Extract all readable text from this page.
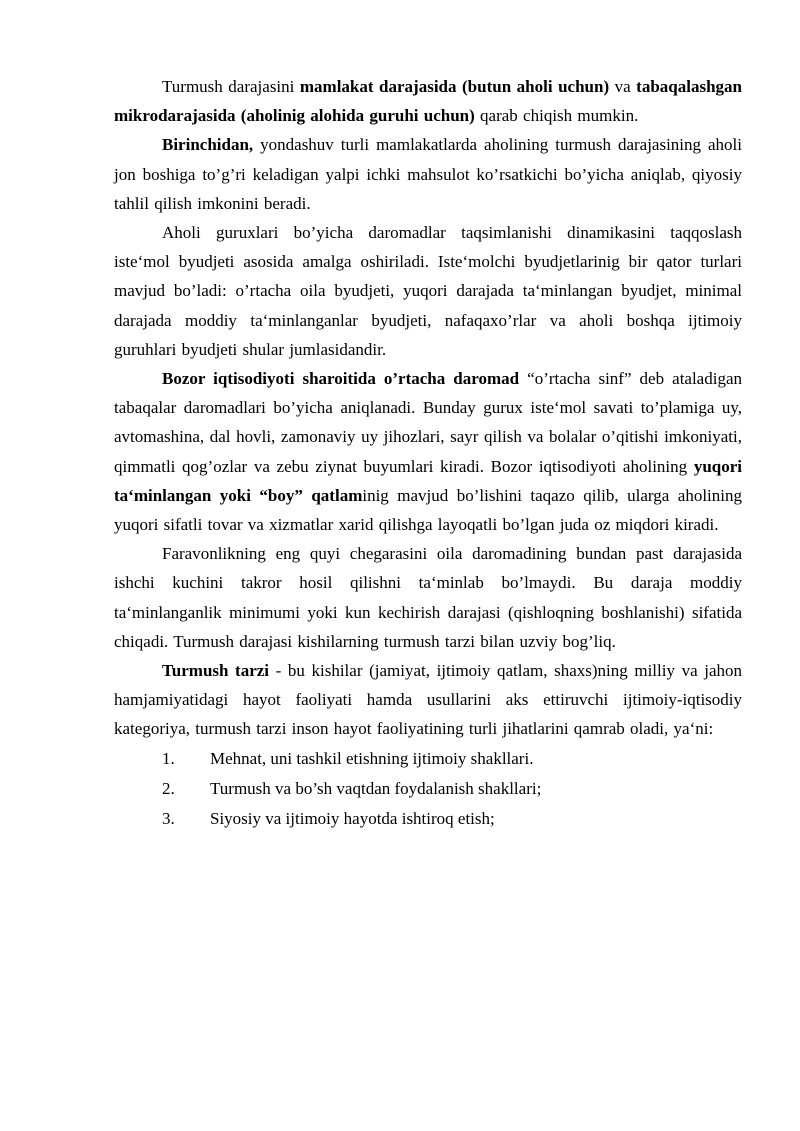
Turmush darajasini mamlakat darajasida (butun aholi uchun) va tabaqalashgan mikrodarajasida (aholinig alohida guruhi uchun) qarab chiqish mumkin.

Birinchidan, yondashuv turli mamlakatlarda aholining turmush darajasining aholi jon boshiga to’g’ri keladigan yalpi ichki mahsulot ko’rsatkichi bo’yicha aniqlab, qiyosiy tahlil qilish imkonini beradi.

Aholi guruxlari bo’yicha daromadlar taqsimlanishi dinamikasini taqqoslash iste‘mol byudjeti asosida amalga oshiriladi. Iste‘molchi byudjetlarinig bir qator turlari mavjud bo’ladi: o’rtacha oila byudjeti, yuqori darajada ta‘minlangan byudjet, minimal darajada moddiy ta‘minlanganlar byudjeti, nafaqaxo’rlar va aholi boshqa ijtimoiy guruhlari byudjeti shular jumlasidandir.

Bozor iqtisodiyoti sharoitida o’rtacha daromad “o’rtacha sinf” deb ataladigan tabaqalar daromadlari bo’yicha aniqlanadi. Bunday gurux iste‘mol savati to’plamiga uy, avtomashina, dal hovli, zamonaviy uy jihozlari, sayr qilish va bolalar o’qitishi imkoniyati, qimmatli qog’ozlar va zebu ziynat buyumlari kiradi. Bozor iqtisodiyoti aholining yuqori ta‘minlangan yoki “boy” qatlaminig mavjud bo’lishini taqazo qilib, ularga aholining yuqori sifatli tovar va xizmatlar xarid qilishga layoqatli bo’lgan juda oz miqdori kiradi.

Faravonlikning eng quyi chegarasini oila daromadining bundan past darajasida ishchi kuchini takror hosil qilishni ta‘minlab bo’lmaydi. Bu daraja moddiy ta‘minlanganlik minimumi yoki kun kechirish darajasi (qishloqning boshlanishi) sifatida chiqadi. Turmush darajasi kishilarning turmush tarzi bilan uzviy bog’liq.

Turmush tarzi - bu kishilar (jamiyat, ijtimoiy qatlam, shaxs)ning milliy va jahon hamjamiyatidagi hayot faoliyati hamda usullarini aks ettiruvchi ijtimoiy-iqtisodiy kategoriya, turmush tarzi inson hayot faoliyatining turli jihatlarini qamrab oladi, ya‘ni:

1.	Mehnat, uni tashkil etishning ijtimoiy shakllari.
2.	Turmush va bo’sh vaqtdan foydalanish shakllari;
3.	Siyosiy va ijtimoiy hayotda ishtiroq etish;
